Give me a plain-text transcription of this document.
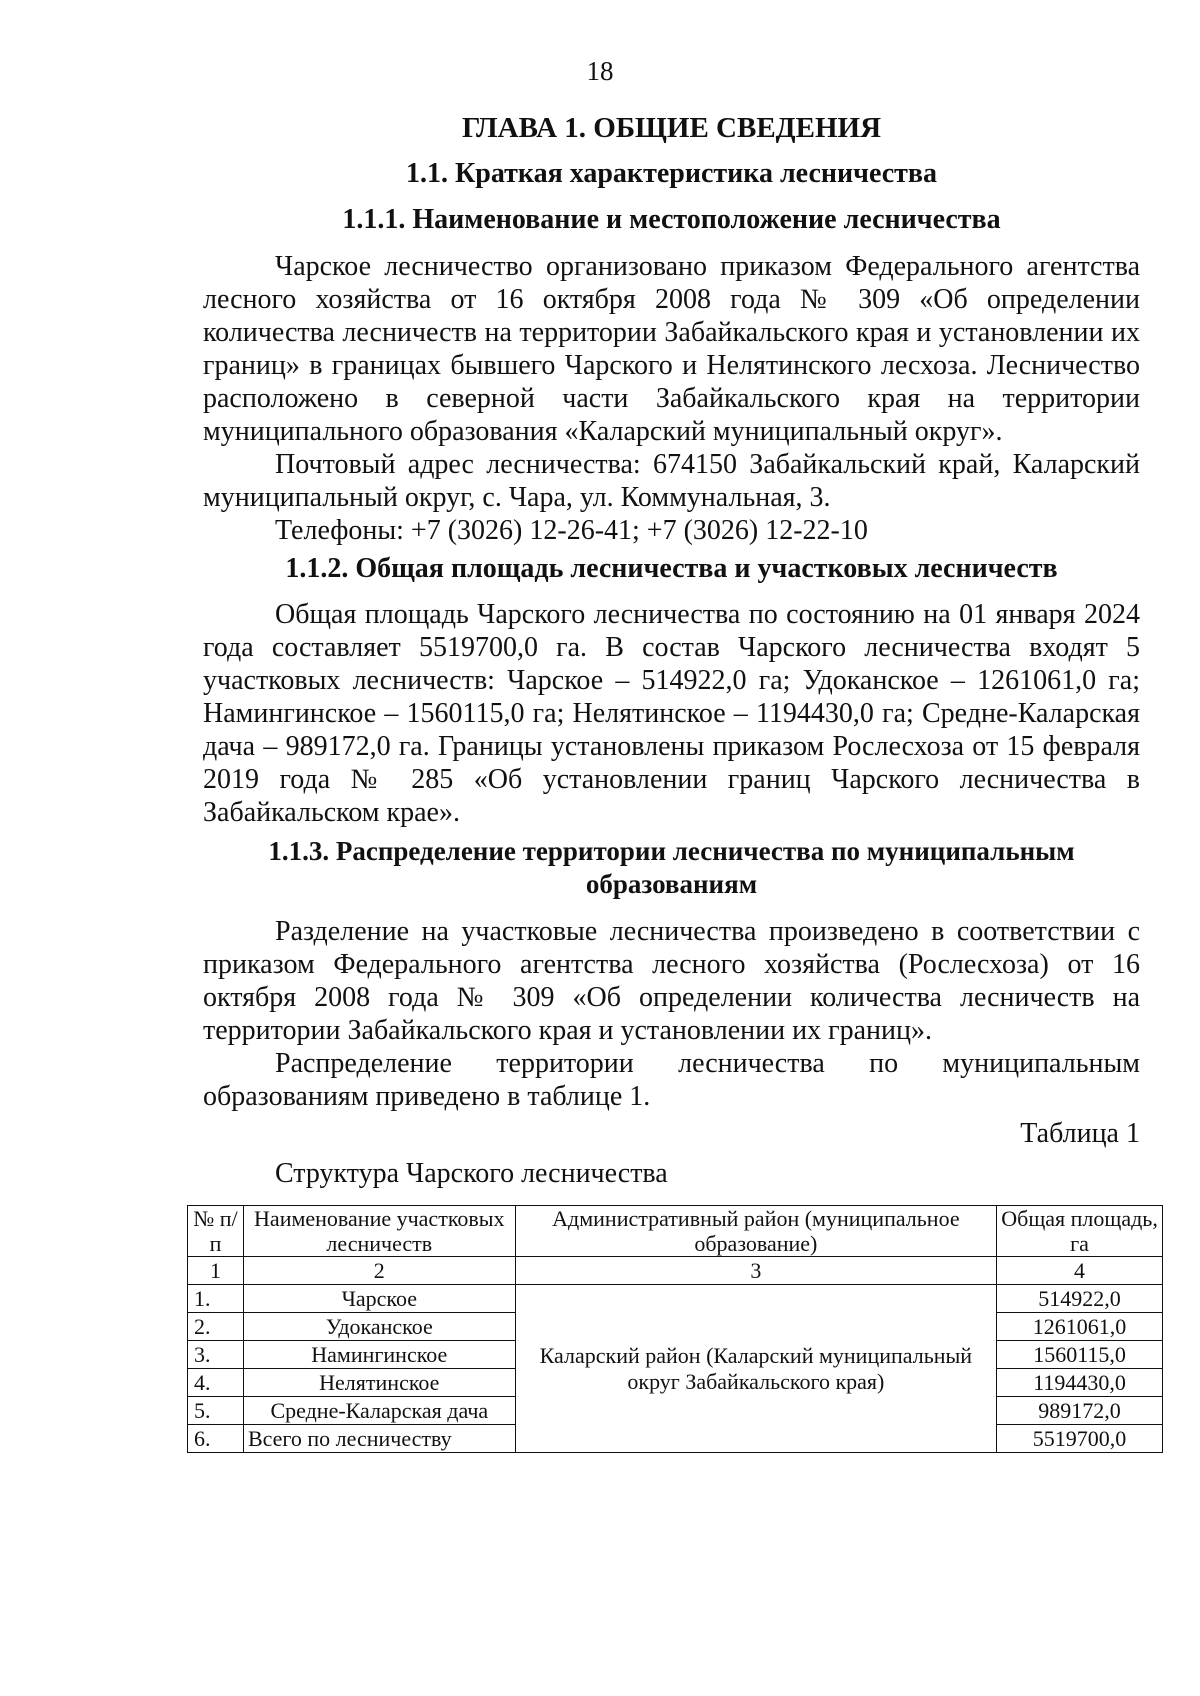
18

ГЛАВА 1. ОБЩИЕ СВЕДЕНИЯ

1.1. Краткая характеристика лесничества

1.1.1. Наименование и местоположение лесничества

Чарское лесничество организовано приказом Федерального агентства лесного хозяйства от 16 октября 2008 года № 309 «Об определении количества лесничеств на территории Забайкальского края и установлении их границ» в границах бывшего Чарского и Нелятинского лесхоза. Лесничество расположено в северной части Забайкальского края на территории муниципального образования «Каларский муниципальный округ».

Почтовый адрес лесничества: 674150 Забайкальский край, Каларский муниципальный округ, с. Чара, ул. Коммунальная, 3.

Телефоны: +7 (3026) 12-26-41; +7 (3026) 12-22-10

1.1.2. Общая площадь лесничества и участковых лесничеств

Общая площадь Чарского лесничества по состоянию на 01 января 2024 года составляет 5519700,0 га. В состав Чарского лесничества входят 5 участковых лесничеств: Чарское – 514922,0 га; Удоканское – 1261061,0 га; Намингинское – 1560115,0 га; Нелятинское – 1194430,0 га; Средне-Каларская дача – 989172,0 га. Границы установлены приказом Рослесхоза от 15 февраля 2019 года № 285 «Об установлении границ Чарского лесничества в Забайкальском крае».

1.1.3. Распределение территории лесничества по муниципальным образованиям

Разделение на участковые лесничества произведено в соответствии с приказом Федерального агентства лесного хозяйства (Рослесхоза) от 16 октября 2008 года № 309 «Об определении количества лесничеств на территории Забайкальского края и установлении их границ».

Распределение территории лесничества по муниципальным образованиям приведено в таблице 1.

Таблица 1

Структура Чарского лесничества

№ п/п	Наименование участковых лесничеств	Административный район (муниципальное образование)	Общая площадь, га
1	2	3	4
1.	Чарское	Каларский район (Каларский муниципальный округ Забайкальского края)	514922,0
2.	Удоканское		1261061,0
3.	Намингинское		1560115,0
4.	Нелятинское		1194430,0
5.	Средне-Каларская дача		989172,0
6.	Всего по лесничеству		5519700,0
